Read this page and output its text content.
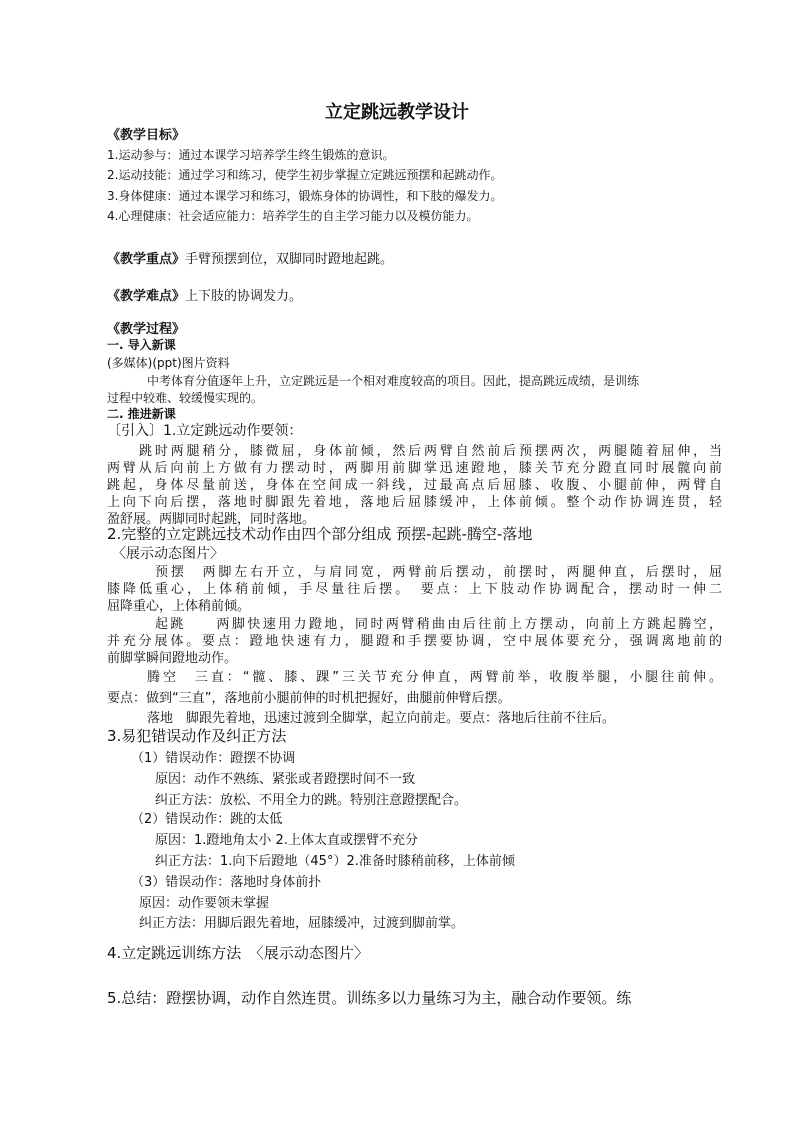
立定跳远教学设计
《教学目标》
1.运动参与：通过本课学习培养学生终生锻炼的意识。
2.运动技能：通过学习和练习，使学生初步掌握立定跳远预摆和起跳动作。
3.身体健康：通过本课学习和练习，锻炼身体的协调性，和下肢的爆发力。
4.心理健康：社会适应能力：培养学生的自主学习能力以及模仿能力。
《教学重点》手臂预摆到位，双脚同时蹬地起跳。
《教学难点》上下肢的协调发力。
《教学过程》
一. 导入新课
(多媒体)(ppt)图片资料
中考体育分值逐年上升，立定跳远是一个相对难度较高的项目。因此，提高跳远成绩，是训练
过程中较难、较缓慢实现的。
二. 推进新课
〔引入〕1.立定跳远动作要领：
跳时两腿稍分，膝微屈，身体前倾，然后两臂自然前后预摆两次，两腿随着屈伸，当
两臂从后向前上方做有力摆动时，两脚用前脚掌迅速蹬地，膝关节充分蹬直同时展髋向前
跳起，身体尽量前送，身体在空间成一斜线，过最高点后屈膝、收腹、小腿前伸，两臂自
上向下向后摆，落地时脚跟先着地，落地后屈膝缓冲，上体前倾。整个动作协调连贯，轻
盈舒展。两脚同时起跳，同时落地。
2.完整的立定跳远技术动作由四个部分组成 预摆-起跳-腾空-落地
〈展示动态图片〉
预摆　两脚左右开立，与肩同宽，两臂前后摆动，前摆时，两腿伸直，后摆时，屈
膝降低重心，上体稍前倾，手尽量往后摆。　要点：上下肢动作协调配合，摆动时一伸二
屈降重心，上体稍前倾。
起跳　　两脚快速用力蹬地，同时两臂稍曲由后往前上方摆动，向前上方跳起腾空，
并充分展体。要点：蹬地快速有力，腿蹬和手摆要协调，空中展体要充分，强调离地前的
前脚掌瞬间蹬地动作。
腾空　三直：“髋、膝、踝”三关节充分伸直，两臂前举，收腹举腿，小腿往前伸。
要点：做到“三直”，落地前小腿前伸的时机把握好，曲腿前伸臂后摆。
落地　脚跟先着地，迅速过渡到全脚掌，起立向前走。要点：落地后往前不往后。
3.易犯错误动作及纠正方法
（1）错误动作：蹬摆不协调
原因：动作不熟练、紧张或者蹬摆时间不一致
纠正方法：放松、不用全力的跳。特别注意蹬摆配合。
（2）错误动作：跳的太低
原因：1.蹬地角太小 2.上体太直或摆臂不充分
纠正方法：1.向下后蹬地（45°）2.准备时膝稍前移，上体前倾
（3）错误动作：落地时身体前扑
原因：动作要领未掌握
纠正方法：用脚后跟先着地，屈膝缓冲，过渡到脚前掌。
4.立定跳远训练方法　〈展示动态图片〉
5.总结：蹬摆协调，动作自然连贯。训练多以力量练习为主，融合动作要领。练
